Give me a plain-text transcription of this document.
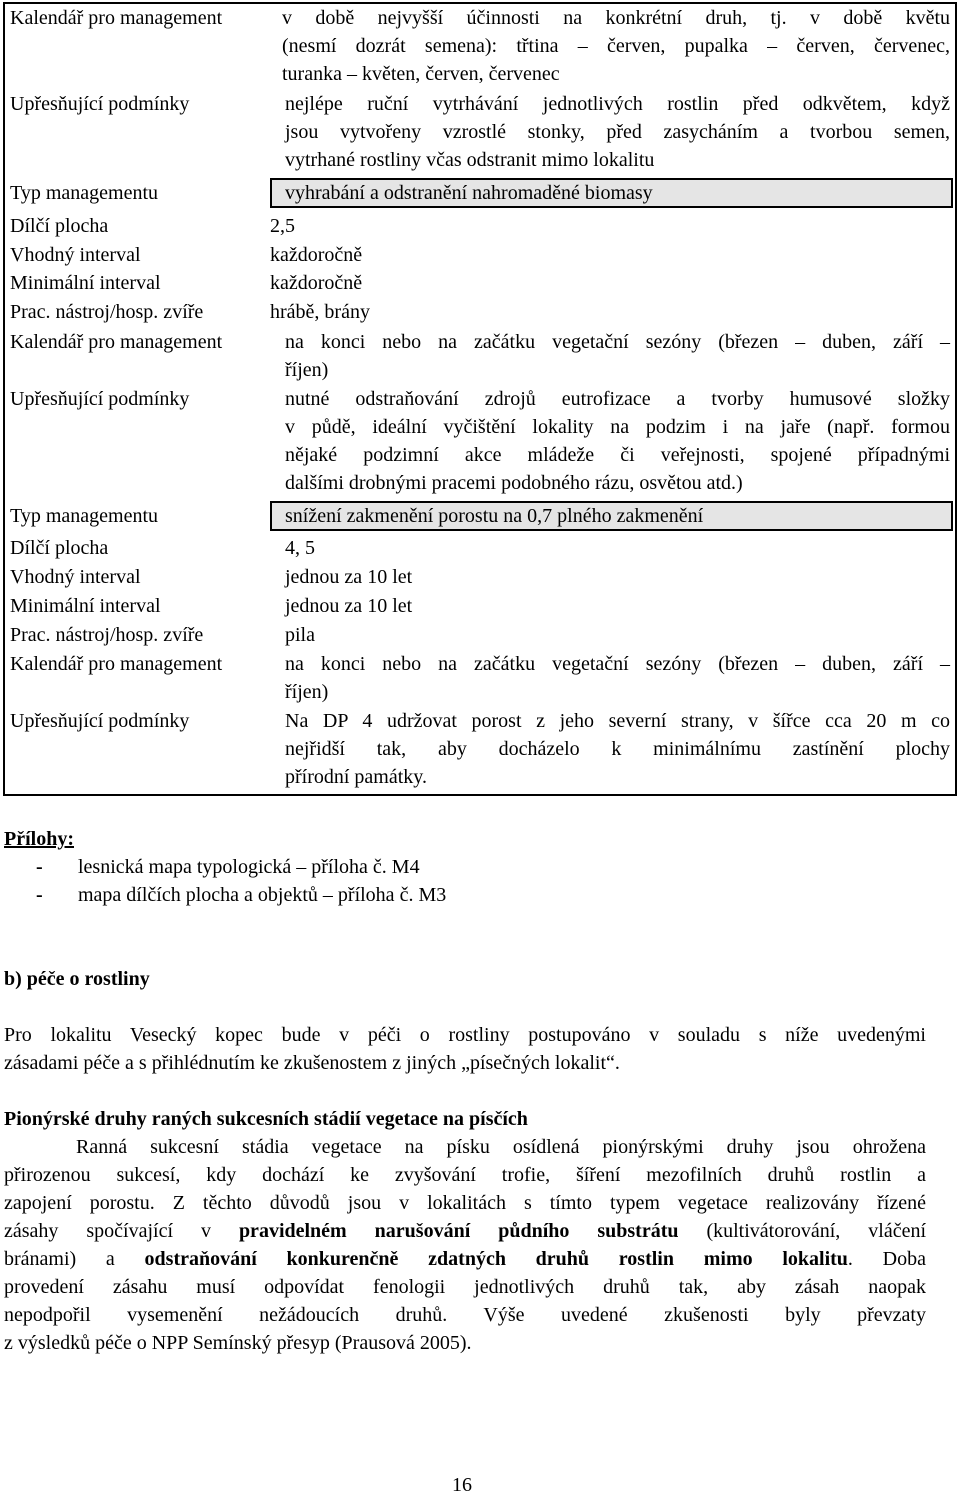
Kalendář pro management	v době nejvyšší účinnosti na konkrétní druh, tj. v době květu
(nesmí dozrát semena): třtina – červen, pupalka – červen, červenec,
turanka – květen, červen, červenec
Upřesňující podmínky	nejlépe ruční vytrhávání jednotlivých rostlin před odkvětem, když
jsou vytvořeny vzrostlé stonky, před zasycháním a tvorbou semen,
vytrhané rostliny včas odstranit mimo lokalitu
Typ managementu	vyhrabání a odstranění nahromaděné biomasy
Dílčí plocha	2,5
Vhodný interval	každoročně
Minimální interval	každoročně
Prac. nástroj/hosp. zvíře	hrábě, brány
Kalendář pro management	na konci nebo na začátku vegetační sezóny (březen – duben, září –
říjen)
Upřesňující podmínky	nutné odstraňování zdrojů eutrofizace a tvorby humusové složky
v půdě, ideální vyčištění lokality na podzim i na jaře (např. formou
nějaké podzimní akce mládeže či veřejnosti, spojené případnými
dalšími drobnými pracemi podobného rázu, osvětou atd.)
Typ managementu	snížení zakmenění porostu na 0,7 plného zakmenění
Dílčí plocha	4, 5
Vhodný interval	jednou za 10 let
Minimální interval	jednou za 10 let
Prac. nástroj/hosp. zvíře	pila
Kalendář pro management	na konci nebo na začátku vegetační sezóny (březen – duben, září –
říjen)
Upřesňující podmínky	Na DP 4 udržovat porost z jeho severní strany, v šířce cca 20 m co
nejřidší tak, aby docházelo k minimálnímu zastínění plochy
přírodní památky.
Přílohy:
-	lesnická mapa typologická – příloha č. M4
-	mapa dílčích plocha a objektů – příloha č. M3
b) péče o rostliny
Pro lokalitu Vesecký kopec bude v péči o rostliny postupováno v souladu s níže uvedenými
zásadami péče a s přihlédnutím ke zkušenostem z jiných „písečných lokalit“.
Pionýrské druhy raných sukcesních stádií vegetace na písčích
Ranná sukcesní stádia vegetace na písku osídlená pionýrskými druhy jsou ohrožena
přirozenou sukcesí, kdy dochází ke zvyšování trofie, šíření mezofilních druhů rostlin a
zapojení porostu. Z těchto důvodů jsou v lokalitách s tímto typem vegetace realizovány řízené
zásahy spočívající v pravidelném narušování půdního substrátu (kultivátorování, vláčení
bránami) a odstraňování konkurenčně zdatných druhů rostlin mimo lokalitu. Doba
provedení zásahu musí odpovídat fenologii jednotlivých druhů tak, aby zásah naopak
nepodpořil vysemenění nežádoucích druhů. Výše uvedené zkušenosti byly převzaty
z výsledků péče o NPP Semínský přesyp (Prausová 2005).
16
